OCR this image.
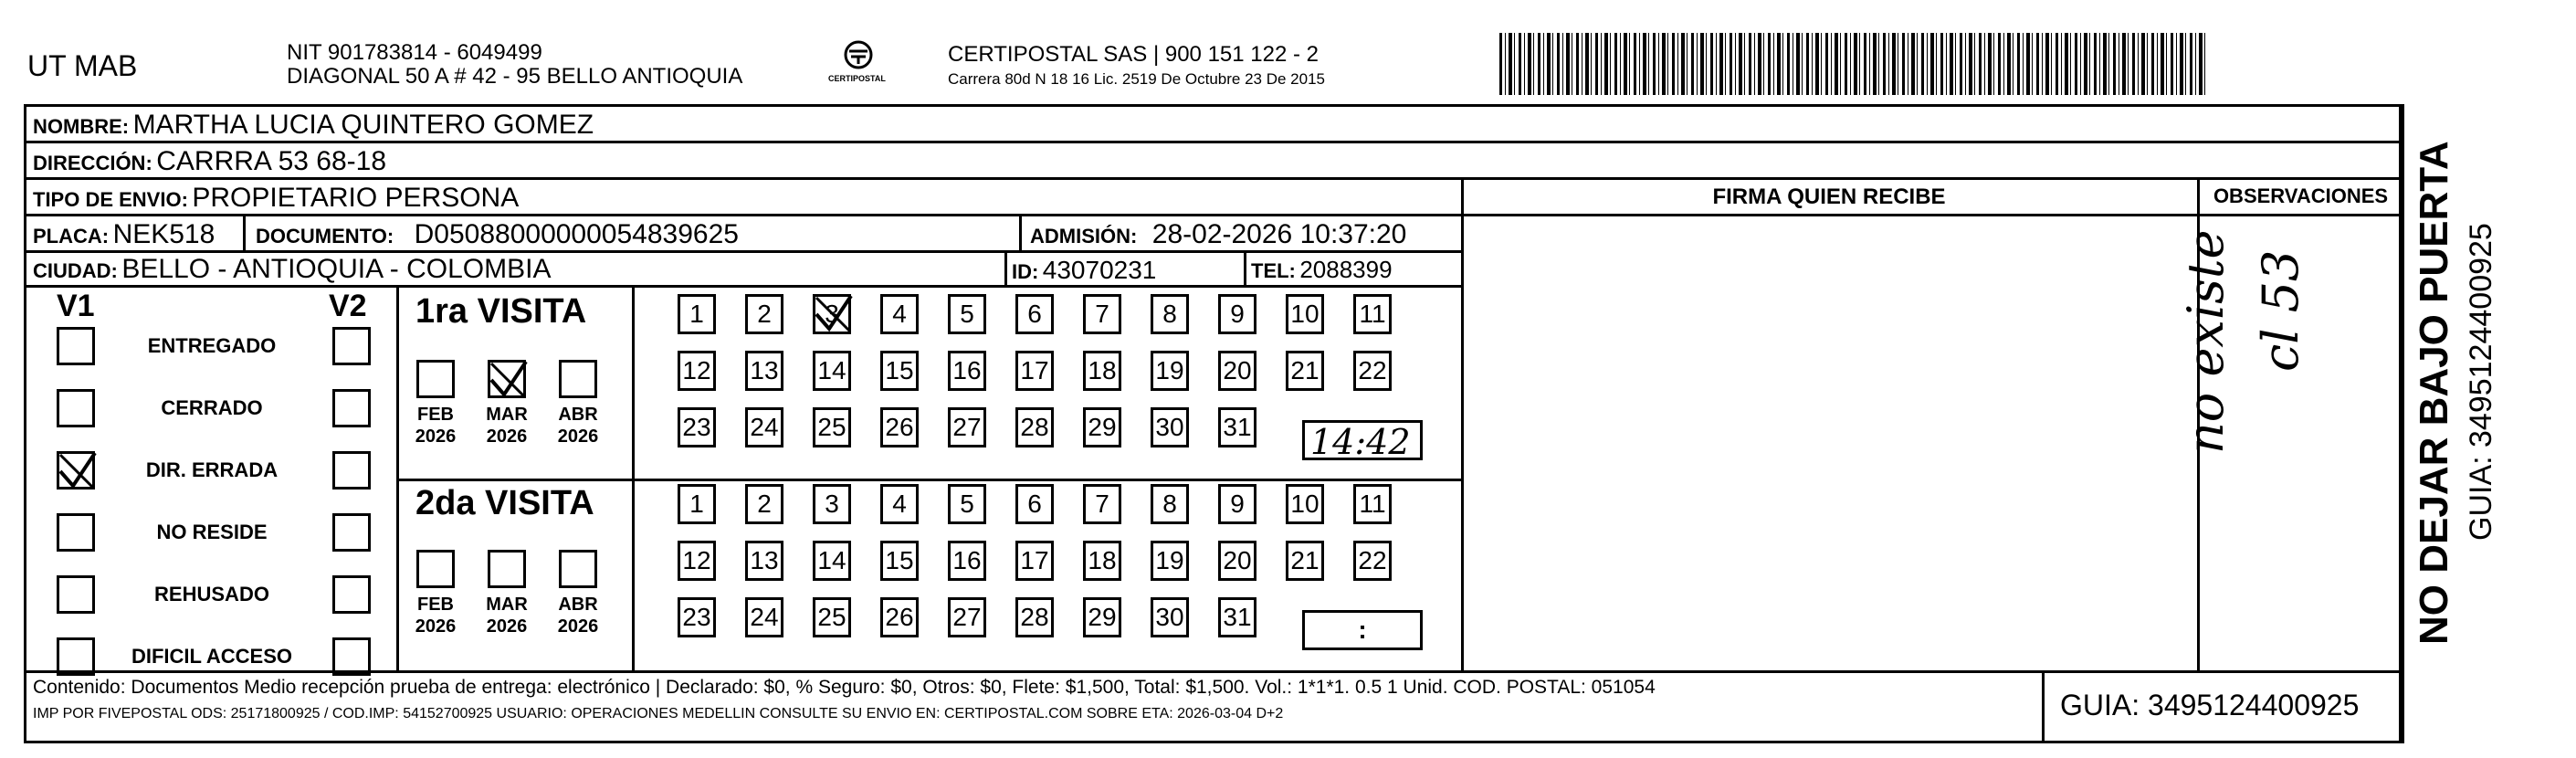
UT MAB	NIT 901783814 - 6049499
DIAGONAL 50 A # 42 - 95 BELLO ANTIOQUIA	CERTIPOSTAL
CERTIPOSTAL SAS | 900 151 122 - 2
Carrera 80d N 18 16 Lic. 2519 De Octubre 23 De 2015
NOMBRE: MARTHA LUCIA QUINTERO GOMEZ
DIRECCIÓN: CARRRA 53 68-18
TIPO DE ENVIO: PROPIETARIO PERSONA
PLACA: NEK518 DOCUMENTO: D05088000000054839625	ADMISIÓN: 28-02-2026 10:37:20
CIUDAD: BELLO - ANTIOQUIA - COLOMBIA	ID: 43070231	TEL: 2088399
FIRMA QUIEN RECIBE	OBSERVACIONES
no existe cl 53
V1	V2
ENTREGADO
CERRADO
DIR. ERRADA
NO RESIDE
REHUSADO
DIFICIL ACCESO
1ra VISITA
FEB
2026
MAR
2026
ABR
2026
1	2	3	4	5	6	7	8	9	10 11
12 13 14 15 16 17 18 19 20 21 22
23 24 25 26 27 28 29 30 31 14:42
2da VISITA
FEB
2026
MAR
2026
ABR
2026
1	2	3	4	5	6	7	8	9	10 11
12 13 14 15 16 17 18 19 20 21 22
23 24 25 26 27 28 29 30 31	:
Contenido: Documentos Medio recepción prueba de entrega: electrónico | Declarado: $0, % Seguro: $0, Otros: $0, Flete: $1,500, Total: $1,500. Vol.: 1*1*1. 0.5 1 Unid. COD. POSTAL: 051054
IMP POR FIVEPOSTAL ODS: 25171800925 / COD.IMP: 54152700925 USUARIO: OPERACIONES MEDELLIN CONSULTE SU ENVIO EN: CERTIPOSTAL.COM SOBRE ETA: 2026-03-04 D+2	GUIA: 3495124400925
NO DEJAR BAJO PUERTA GUIA: 3495124400925
